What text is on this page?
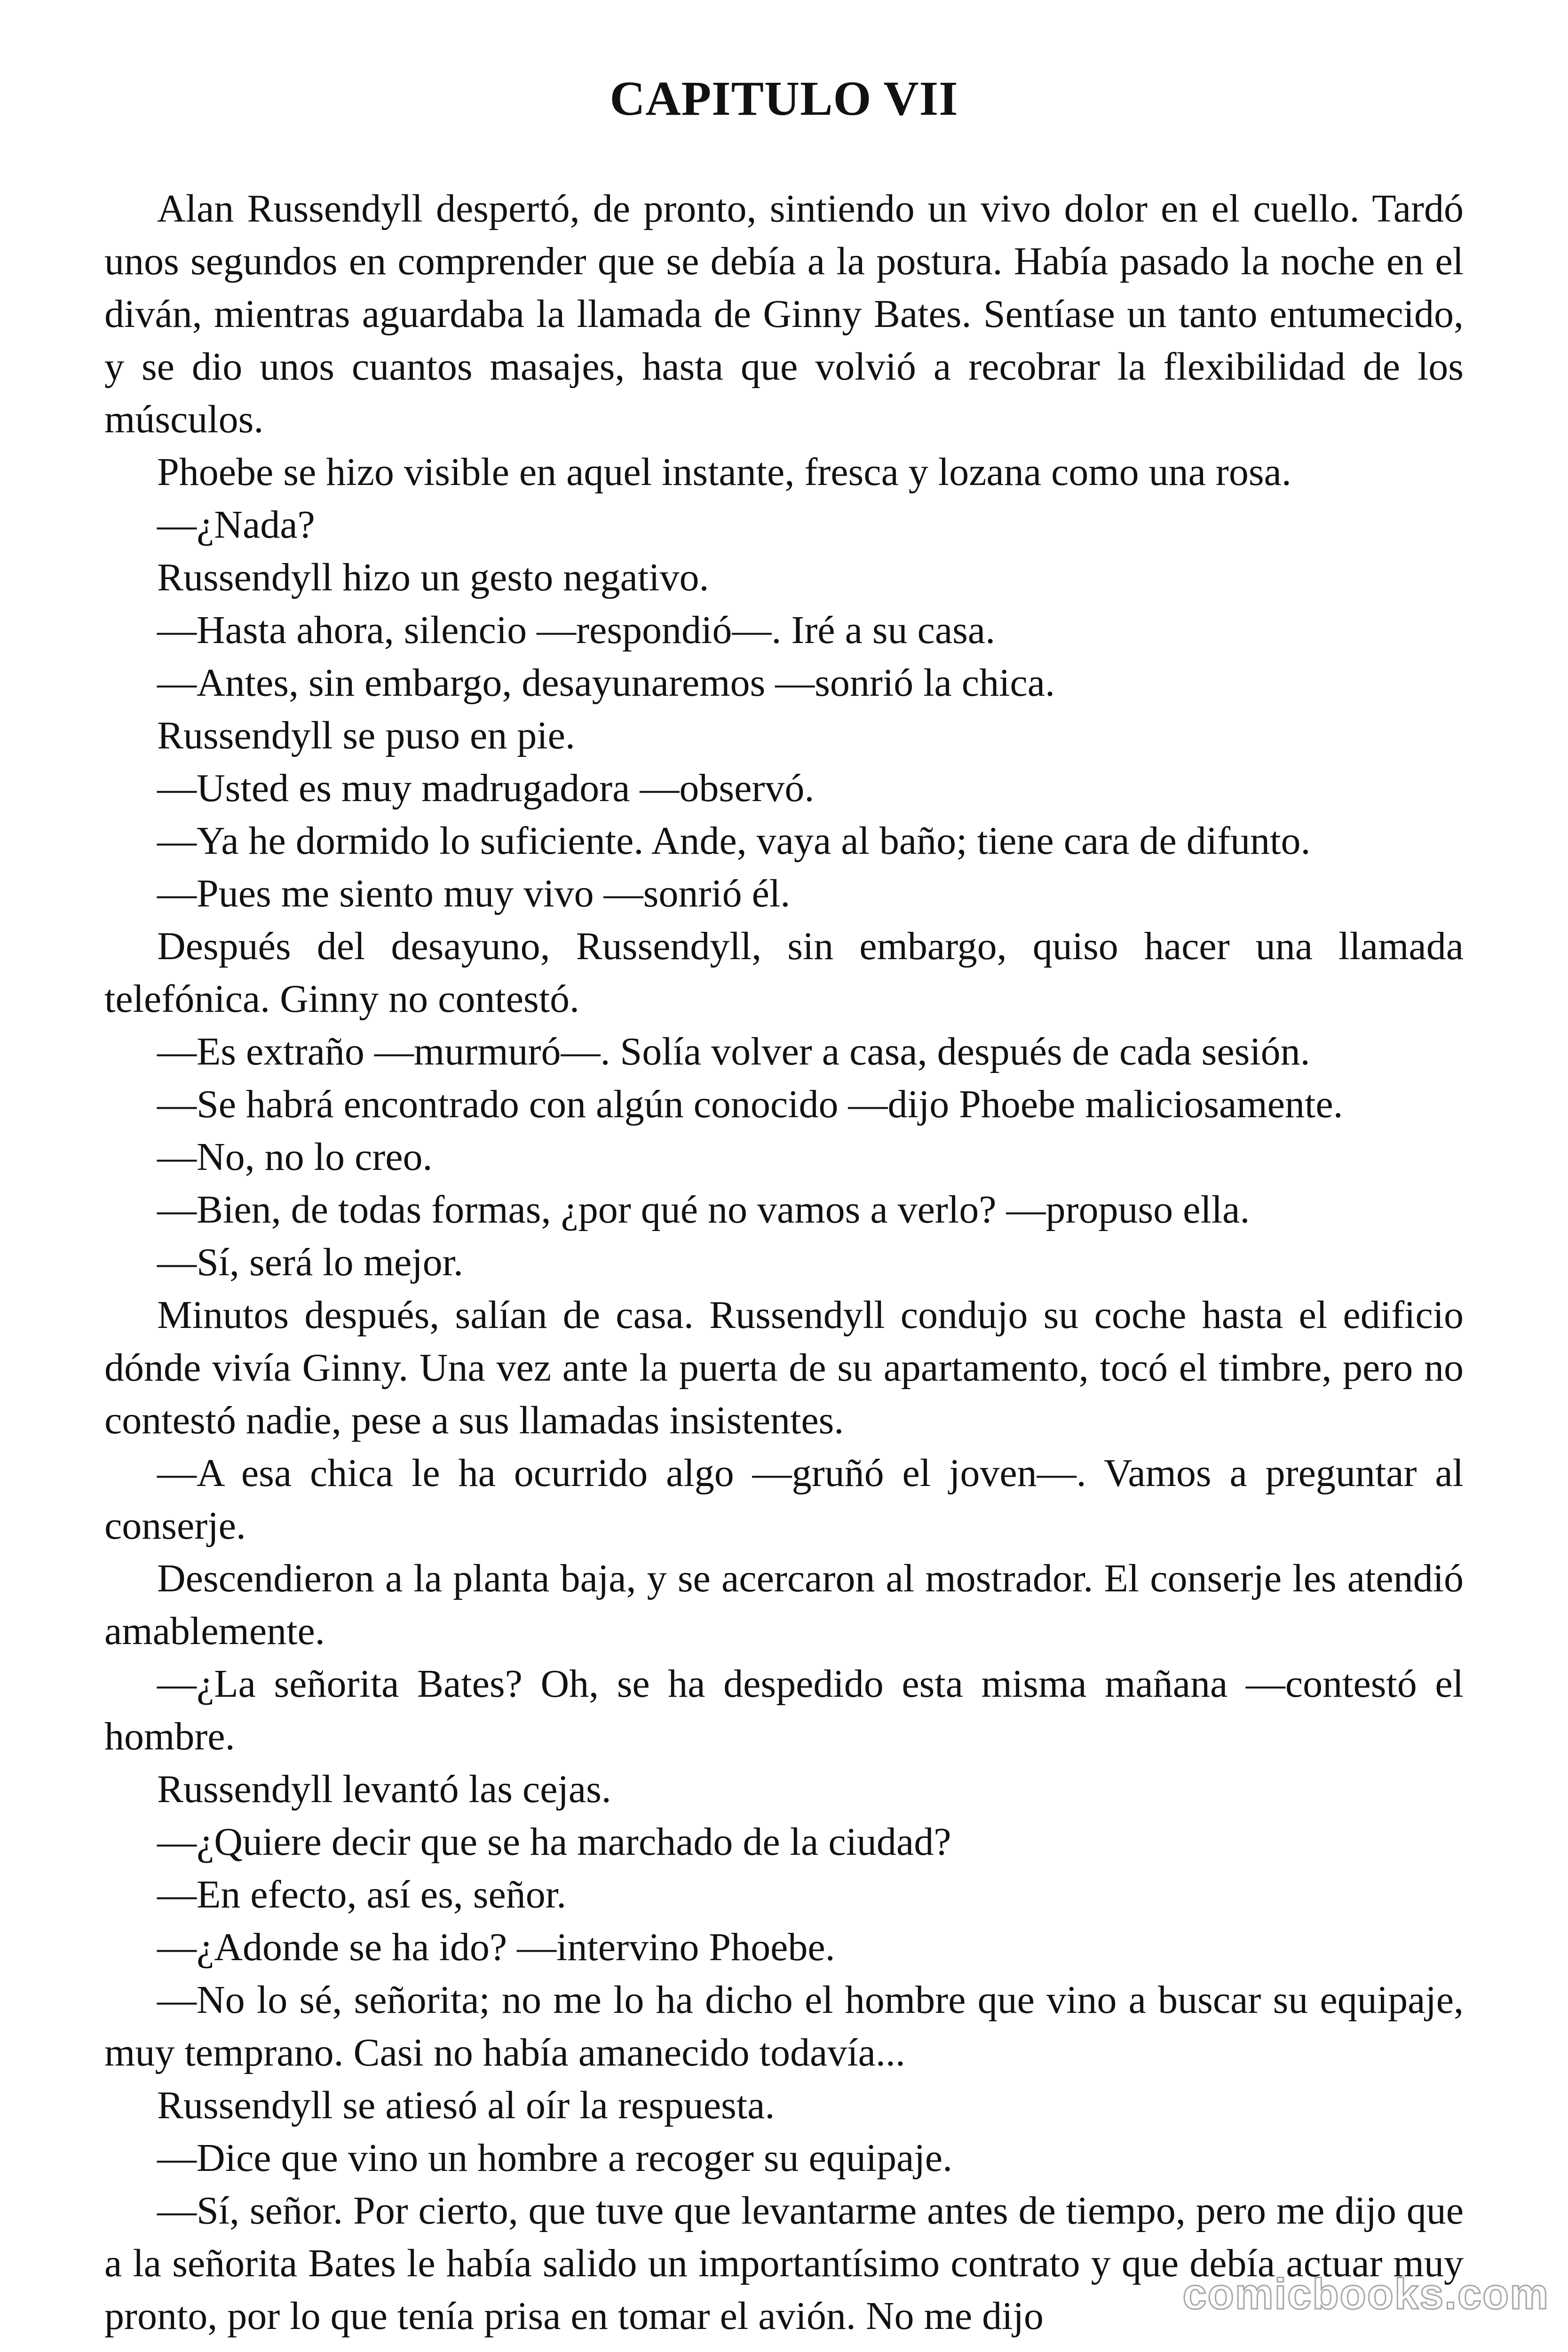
CAPITULO VII

Alan Russendyll despertó, de pronto, sintiendo un vivo dolor en el cuello. Tardó unos segundos en comprender que se debía a la postura. Había pasado la noche en el diván, mientras aguardaba la llamada de Ginny Bates. Sentíase un tanto entumecido, y se dio unos cuantos masajes, hasta que volvió a recobrar la flexibilidad de los músculos.

Phoebe se hizo visible en aquel instante, fresca y lozana como una rosa.

—¿Nada?

Russendyll hizo un gesto negativo.

—Hasta ahora, silencio —respondió—. Iré a su casa.

—Antes, sin embargo, desayunaremos —sonrió la chica.

Russendyll se puso en pie.

—Usted es muy madrugadora —observó.

—Ya he dormido lo suficiente. Ande, vaya al baño; tiene cara de difunto.

—Pues me siento muy vivo —sonrió él.

Después del desayuno, Russendyll, sin embargo, quiso hacer una llamada telefónica. Ginny no contestó.

—Es extraño —murmuró—. Solía volver a casa, después de cada sesión.

—Se habrá encontrado con algún conocido —dijo Phoebe maliciosamente.

—No, no lo creo.

—Bien, de todas formas, ¿por qué no vamos a verlo? —propuso ella.

—Sí, será lo mejor.

Minutos después, salían de casa. Russendyll condujo su coche hasta el edificio dónde vivía Ginny. Una vez ante la puerta de su apartamento, tocó el timbre, pero no contestó nadie, pese a sus llamadas insistentes.

—A esa chica le ha ocurrido algo —gruñó el joven—. Vamos a preguntar al conserje.

Descendieron a la planta baja, y se acercaron al mostrador. El conserje les atendió amablemente.

—¿La señorita Bates? Oh, se ha despedido esta misma mañana —contestó el hombre.

Russendyll levantó las cejas.

—¿Quiere decir que se ha marchado de la ciudad?

—En efecto, así es, señor.

—¿Adonde se ha ido? —intervino Phoebe.

—No lo sé, señorita; no me lo ha dicho el hombre que vino a buscar su equipaje, muy temprano. Casi no había amanecido todavía...

Russendyll se atiesó al oír la respuesta.

—Dice que vino un hombre a recoger su equipaje.

—Sí, señor. Por cierto, que tuve que levantarme antes de tiempo, pero me dijo que a la señorita Bates le había salido un importantísimo contrato y que debía actuar muy pronto, por lo que tenía prisa en tomar el avión. No me dijo	comicbooks.com
